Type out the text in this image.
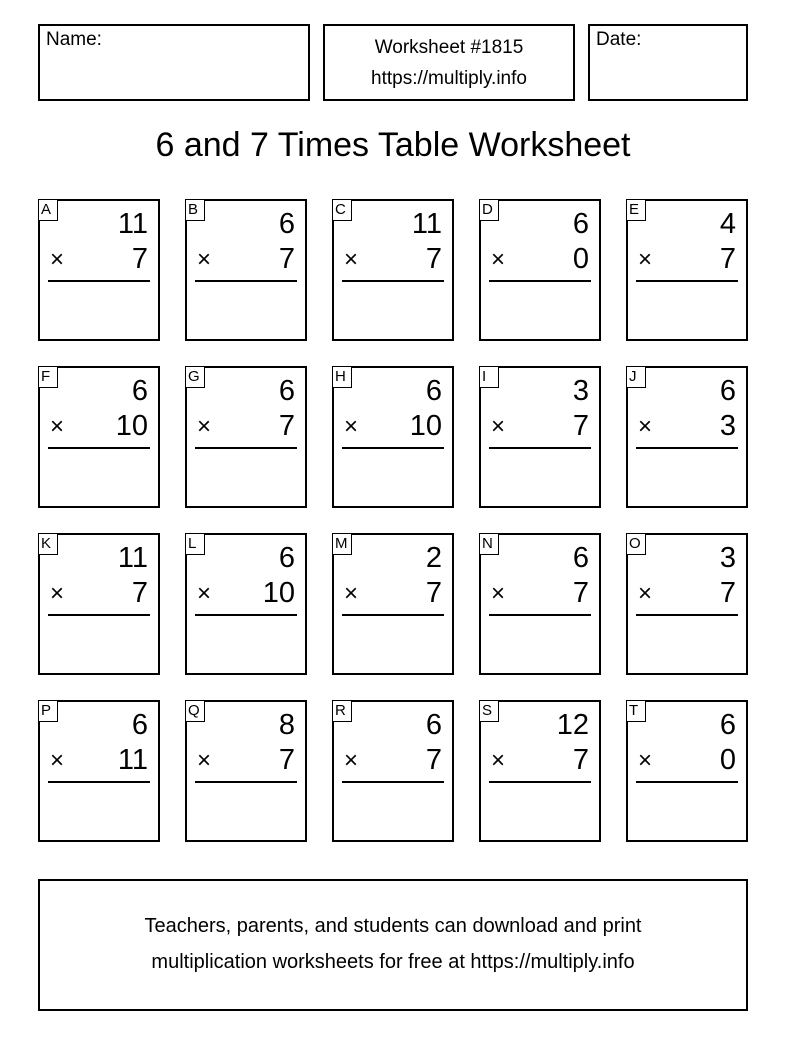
Name:	Worksheet #1815
https://multiply.info
Date:
6 and 7 Times Table Worksheet
A 11
× 7
B	6
× 7
C 11
× 7
D	6
× 0
E	4
× 7
F	6
× 10
G	6
× 7
H	6
× 10
I	3
× 7
J	6
× 3
K 11
× 7
L	6
× 10
M	2
× 7
N	6
× 7
O	3
× 7
P	6
× 11
Q	8
× 7
R	6
× 7
S 12
× 7
T	6
× 0
Teachers, parents, and students can download and print
multiplication worksheets for free at https://multiply.info
